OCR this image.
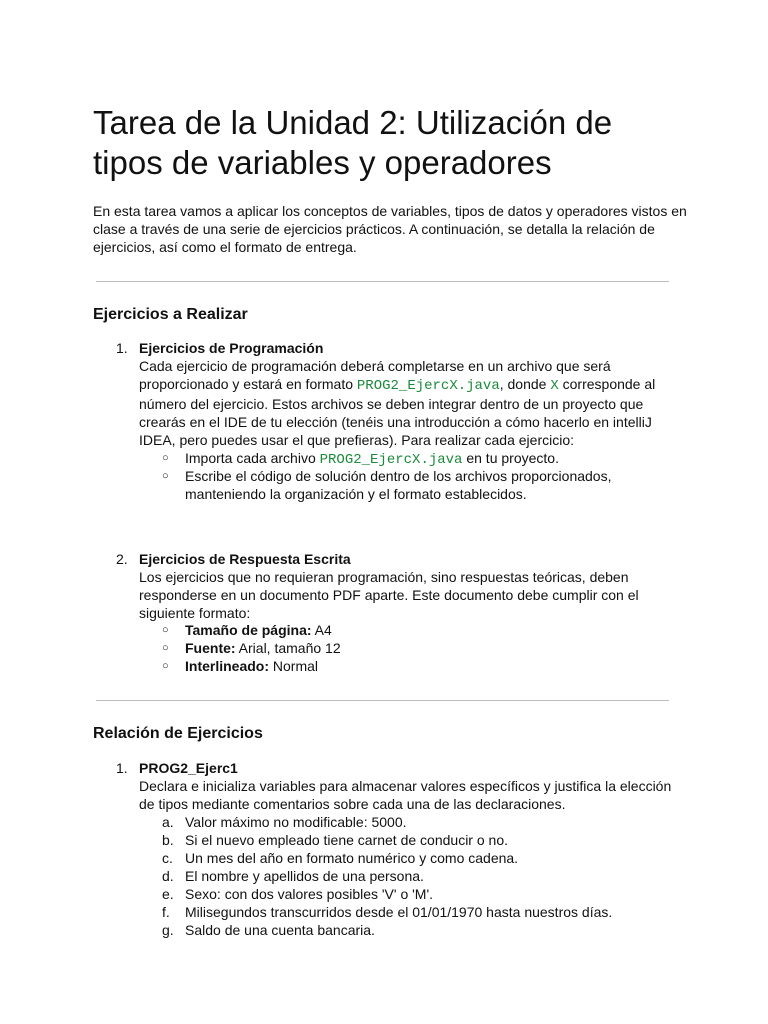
Tarea de la Unidad 2: Utilización de
tipos de variables y operadores

En esta tarea vamos a aplicar los conceptos de variables, tipos de datos y operadores vistos en clase a través de una serie de ejercicios prácticos. A continuación, se detalla la relación de ejercicios, así como el formato de entrega.

Ejercicios a Realizar
1. Ejercicios de Programación
Cada ejercicio de programación deberá completarse en un archivo que será proporcionado y estará en formato PROG2_EjercX.java, donde X corresponde al número del ejercicio. Estos archivos se deben integrar dentro de un proyecto que crearás en el IDE de tu elección (tenéis una introducción a cómo hacerlo en intelliJ IDEA, pero puedes usar el que prefieras). Para realizar cada ejercicio:
○ Importa cada archivo PROG2_EjercX.java en tu proyecto.
○ Escribe el código de solución dentro de los archivos proporcionados, manteniendo la organización y el formato establecidos.
2. Ejercicios de Respuesta Escrita
Los ejercicios que no requieran programación, sino respuestas teóricas, deben responderse en un documento PDF aparte. Este documento debe cumplir con el siguiente formato:
○ Tamaño de página: A4
○ Fuente: Arial, tamaño 12
○ Interlineado: Normal
Relación de Ejercicios
1. PROG2_Ejerc1
Declara e inicializa variables para almacenar valores específicos y justifica la elección de tipos mediante comentarios sobre cada una de las declaraciones.
a. Valor máximo no modificable: 5000.
b. Si el nuevo empleado tiene carnet de conducir o no.
c. Un mes del año en formato numérico y como cadena.
d. El nombre y apellidos de una persona.
e. Sexo: con dos valores posibles 'V' o 'M'.
f. Milisegundos transcurridos desde el 01/01/1970 hasta nuestros días.
g. Saldo de una cuenta bancaria.
